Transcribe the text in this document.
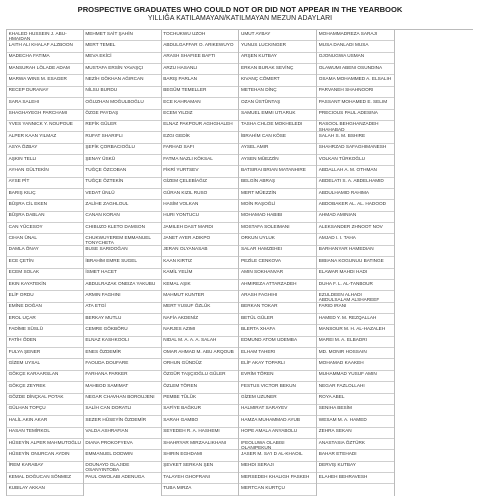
PROSPECTIVE GRADUATES WHO COULD NOT OR DID NOT APPEAR IN THE YEARBOOK
YILLIĞA KATILAMAYAN/KATILMAYAN MEZUN ADAYLARI
KHALED HUSSEIN J. ABU-HMAIDAN
LAITH ALI KHALAF ALZBOON
MADECHA FATIMA
MANSURAH LÖLADE ADAM
MARWA WINS M. ESAGER
RECEP DURANAY
SARA SALEHI
SHAGHAYEGH PARCHAMI
YVES YANNICK Y. NOUPOUE
ALPER KAAN YILMAZ
ASYA ÖZBAY
AŞKIN TELLI
AYHAN GÜLTEKİN
AYSE PİT
BARIŞ KILIÇ
BÜŞRA CİL EKEN
BÜŞRA DABLAN
CAN YÜCESOY
CIHAN ÜNAL
DAMLA ÖNAY
ECE ÇETİN
ECEM SOLAK
EKIN KAYATEKİN
ELİF ORDU
EMİNE DOĞAN
EROL UÇAR
FADİME SÜSLÜ
FATİH ÖDEN
FULYA ŞENER
GİZEM UYSAL
GÖKÇE KARAARSLAN
GÖKÇE ZEYREK
GÖZDE DİNÇKAL POTAK
GÜLHAN TOPÇU
HALİL AKIN AKAR
HASAN TEMİRKOL
HÜSEYİN ALPER MAHMUTOĞLU
HÜSEYİN ONURCAN AYDIN
İREM KARABAY
KEMAL DOĞUCAN SÖNMEZ
KUBILAY AKKAN
MEHMET SAİT ŞAHİN
MERT TEMEL
MEVA EKİCİ
MUSTAFA ERSİN YAVAŞÇI
NEZİH GÖKHAN AĞIRCAN
NİLSU BURDU
OĞUZHAN MOĞULBOĞLU
ÖZGE PAYDAŞ
REFİK GÜLER
RUFAT SHARIFLI
ŞEFİK ÇORBACIOĞLU
ŞENAY ÜSKÜ
TUĞÇE ÖZCOBAN
TUĞÇE ÖZTEKİN
VEDAT ÜNLÜ
ZALİHE ZAGHLOUL
CANAN KORAN
CHIBUZO KLETO DAMSON
CHUKWUYEREM EMMANUEL TONYCHETA
BUSE SARIDOĞAN
İBRAHİM EMRE SUGEL
İSMET HACET
ABDULRAZAK ONEIZA YAKUBU
ARMIN FAGHINI
ATA ETGİ
BERKAY MUTLU
CEMRE GÖKBÖRU
ELNAZ KASHKOOLI
ENES ÖZDEMİR
FAOUDA DOUFARE
FARHANA PARKER
MAHBOD SAMIMAT
NEGAR CHAVHAN BOROUJENI
SALİH CAN DORATLI
SEZER HÜSEYİN ÖZDEMİR
VALDA ASHRAFIAN
DIANA PROKOFYEVA
EMMANUEL DODWIN
DOUNAYD OLAJIDE OSANYINTOBA
PAUL OWOLABI ADENUGA
TOCHUKWU UZOH
ABDULGAFFAR O. ARIKEWUYO
ARASH SHAFIEE BAFTI
ARZU HASANLI
BARIŞ PARLAN
BEGÜM TEMELLER
ECE KAHRAMAN
ECEM YILDIZ
ELNAZ PAKPOUR AGHGHALEH
EZGI GEDİK
FARHAD SAFI
FATMA NAZLI KÖKSAL
FİKRİ YURTSEV
GİZEM ÇELEBİAĞIZ
GÜRAN KIZIL RUSO
HASİM VOLKAN
HURI YONTUCU
JAMILEH DAST MARDI
JANET AYER ADIKPO
JERAN OLYANASAB
KAAN KIRTIZ
KAMİL YELİM
KEMAL AŞIK
MAHMUT KUNTER
MERT YUSUF ÖZLÜK
NAFİA AKDENİZ
NARJES AZIMI
NIDAL M. A. A. A. SALAH
OMAR AHMAD M. ABU ARQOUB
ORHUN GÜNDÜZ
ÖZGÜR TAŞÇIOĞLU GÜLER
ÖZLEM TÖREN
PEMBE TÜLÜK
SAFİYE BAĞKUR
SARAH GAMBO
SEYEDEH R. A. HASHEMI
SHAHRYAR MIRZAALIKHANI
SHIRIN EGHDAMI
ŞEVKET SERKAN ŞEN
TALAYEH GHOFRANI
TUBA MIRZA
UMUT AYBAY
YUNUS LUCKINGER
ARŞEN KUTBAY
ERKAN BURAK SEVİNÇ
KIVANÇ CÖMERT
METEHAN DİNÇ
OZAN ÜSTÜNTAŞ
SAMUEL EMMI UTIARUK
TASHA CHLOE MOKHELEDI
İBRAHİM CAN KÖSE
AYSEL AMIR
AYSEN MÜEZZİN
BATSIRAI BRIAN MATANHIRE
BELGİN ABRAŞ
MERT MÜEZZİN
MOİN RAŞOĞLİ
MOHAMAD HABIBI
MOSTAFA SOLEIMANI
ORKUN UYLUK
SALAR HAMZEHEI
PEZİLE CENKOVA
AMIN SOKHANVAR
AHMIREZA ATTARZADEH
ARASH FAGHIHI
BERKAN TOKAR
BETÜL GÜLER
BLERTA XHAFA
EDMUND ATOM UDEMBA
ELHAM TAHERI
ELİF AKAY TOPARLI
EVRİM TÖREN
FESTUS VICTOR BEKUN
GİZEM UZUNER
HALMIRAT SARAYEV
HAMZA MUHAMMAD AYUB
HOPE AMALA ANYABOLU
IFEOLUWA OLABISI OLANIPEKUN
JASER M. SA'I D AL-KHAOIL
MEHDI SERAJI
MERSEDEH KHALIGH PASKEH
MERTCAN KURTÇU
MOHAMMADREZA SARAJI
MUSA DANLADI MUSA
OJONUGWA USMAN
OLAWUMI ABENI OSUNDINA
OSAMA MOHAMMED A. ELSALIH
PARVANEH SHAHNOORI
PASSANT MOHAMED E. SELIM
PRECIOUS PAUL ADESINA
RASOOL BEHGHANZADEH SHAHABAD
SALAH S. M. BSHIRE
SHAHRZAD SAFAGHIMANESH
VOLKAN TÜRKOĞLU
ABDALLAH A. M. OTHMAN
ABDELATI S. A. ABDELHAMID
ABDULHAMID RAHIMA
ABDOBAKER AL. AL. HADOOD
AHMAD AMINIAN
ALEKSANDER ZHNOOT NOV
AMJAD I. I. TAHA
BARHANYAR HAMEDIAN
BIBIANA KOGUNUU BATINGE
ELAWAR MAHDI HADI
DUHA F. L. AL-TANBOUR
EZULDEEN ALHADI ABDULSALAM ALSHAREEF
FARID IRANI
HAMED Y. M. REZQALLAH
MANSOUR M. H. AL-HAZALEH
MAREI M. A. ELBADRI
MD. MONIR HOSSAIN
MOHAMAD KAAKEH
MUHAMMAD YUSUF AMIN
NEGAR FAZLOLLAHI
ROYA ABEL
SENIHA BESİM
WESAM M. A. HAMED
ZEHRA SEKAN
ANASTASIA ÖZTÜRK
BAHAR ETEHADI
DERVIŞ KUTBAY
ELAHEH BEHRAVESH
